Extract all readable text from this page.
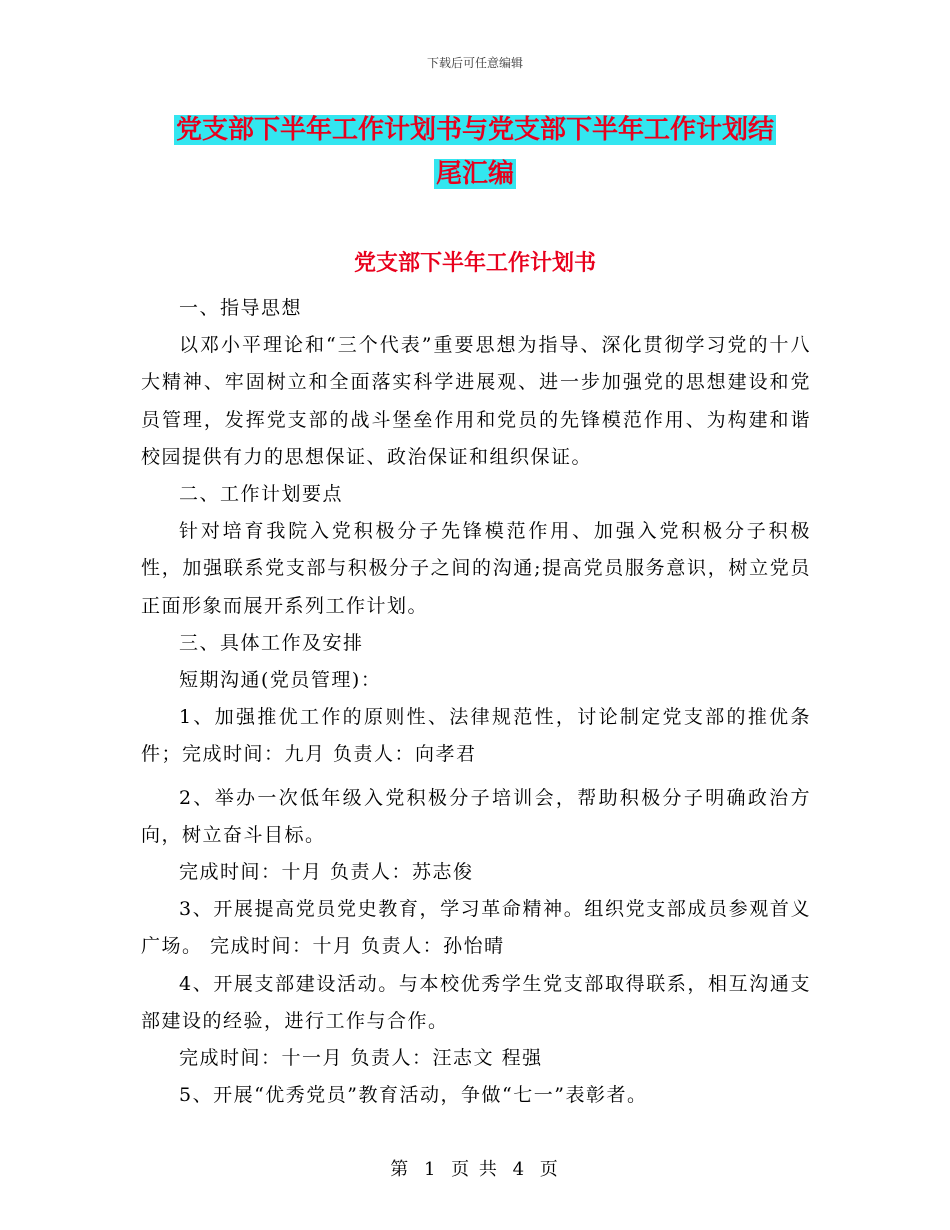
下载后可任意编辑
党支部下半年工作计划书与党支部下半年工作计划结
尾汇编
党支部下半年工作计划书

一、指导思想

以邓小平理论和“三个代表”重要思想为指导、深化贯彻学习党的十八大精神、牢固树立和全面落实科学进展观、进一步加强党的思想建设和党员管理，发挥党支部的战斗堡垒作用和党员的先锋模范作用、为构建和谐校园提供有力的思想保证、政治保证和组织保证。

二、工作计划要点

针对培育我院入党积极分子先锋模范作用、加强入党积极分子积极性，加强联系党支部与积极分子之间的沟通;提高党员服务意识，树立党员正面形象而展开系列工作计划。

三、具体工作及安排

短期沟通(党员管理)：

1、加强推优工作的原则性、法律规范性，讨论制定党支部的推优条件；完成时间：九月 负责人：向孝君

2、举办一次低年级入党积极分子培训会，帮助积极分子明确政治方向，树立奋斗目标。

完成时间：十月 负责人：苏志俊

3、开展提高党员党史教育，学习革命精神。组织党支部成员参观首义广场。 完成时间：十月 负责人：孙怡晴

4、开展支部建设活动。与本校优秀学生党支部取得联系，相互沟通支部建设的经验，进行工作与合作。

完成时间：十一月 负责人：汪志文 程强

5、开展“优秀党员”教育活动，争做“七一”表彰者。

第 1 页 共 4 页
